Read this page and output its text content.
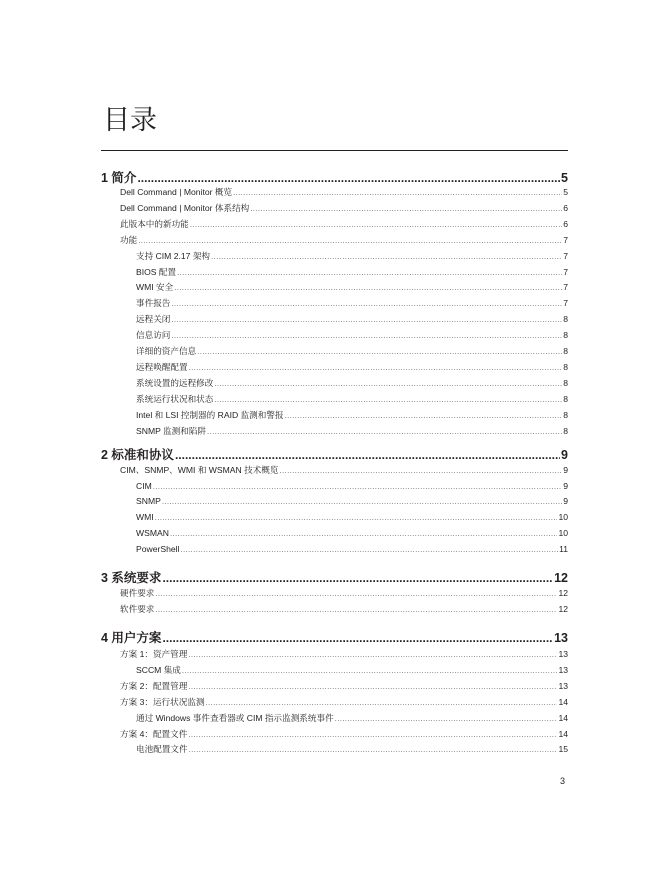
目录
1 简介 .....	5
Dell Command | Monitor 概览 .....	5
Dell Command | Monitor 体系结构 .....	6
此版本中的新功能 .....	6
功能 .....	7
支持 CIM 2.17 架构 .....	7
BIOS 配置 .....	7
WMI 安全 .....	7
事件报告 .....	7
远程关闭 .....	8
信息访问 .....	8
详细的资产信息 .....	8
远程唤醒配置 .....	8
系统设置的远程修改 .....	8
系统运行状况和状态 .....	8
Intel 和 LSI 控制器的 RAID 监测和警报 .....	8
SNMP 监测和陷阱 .....	8
2 标准和协议 .....	9
CIM、SNMP、WMI 和 WSMAN 技术概览 .....	9
CIM .....	9
SNMP .....	9
WMI .....	10
WSMAN .....	10
PowerShell .....	11
3 系统要求 .....	12
硬件要求 .....	12
软件要求 .....	12
4 用户方案 .....	13
方案 1：资产管理 .....	13
SCCM 集成 .....	13
方案 2：配置管理 .....	13
方案 3：运行状况监测 .....	14
通过 Windows 事件查看器或 CIM 指示监测系统事件 .....	14
方案 4：配置文件 .....	14
电池配置文件 .....	15
3
